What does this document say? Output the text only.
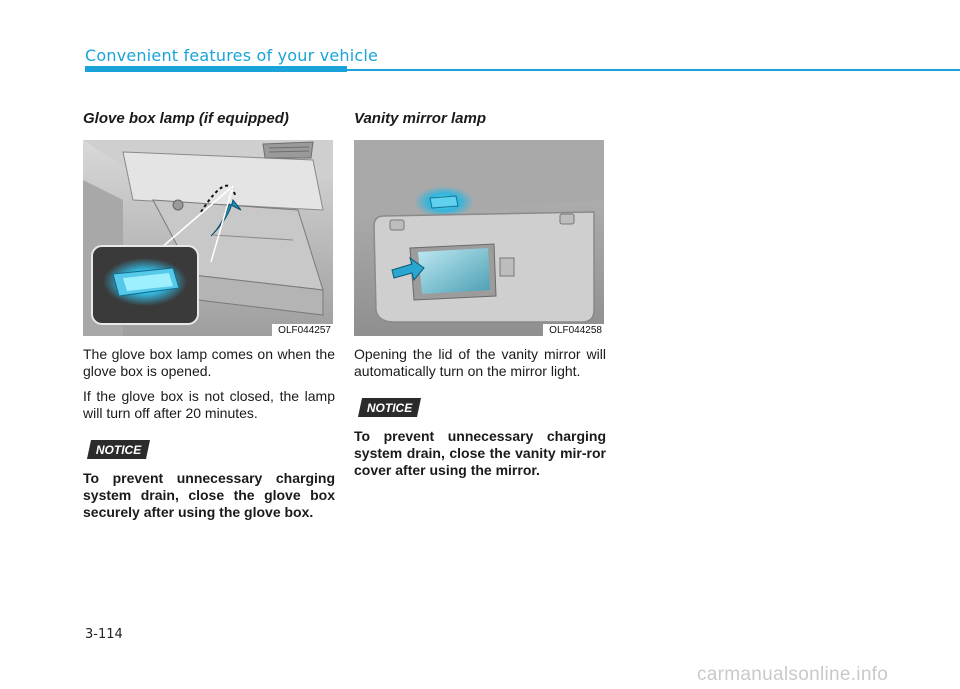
Convenient features of your vehicle
Glove box lamp (if equipped)
OLF044257

The glove box lamp comes on when the glove box is opened.

If the glove box is not closed, the lamp will turn off after 20 minutes.

NOTICE

To prevent unnecessary charging system drain, close the glove box securely after using the glove box.

Vanity mirror lamp
OLF044258

Opening the lid of the vanity mirror will automatically turn on the mirror light.

NOTICE

To prevent unnecessary charging system drain, close the vanity mir-ror cover after using the mirror.

3-114
carmanualsonline.info
